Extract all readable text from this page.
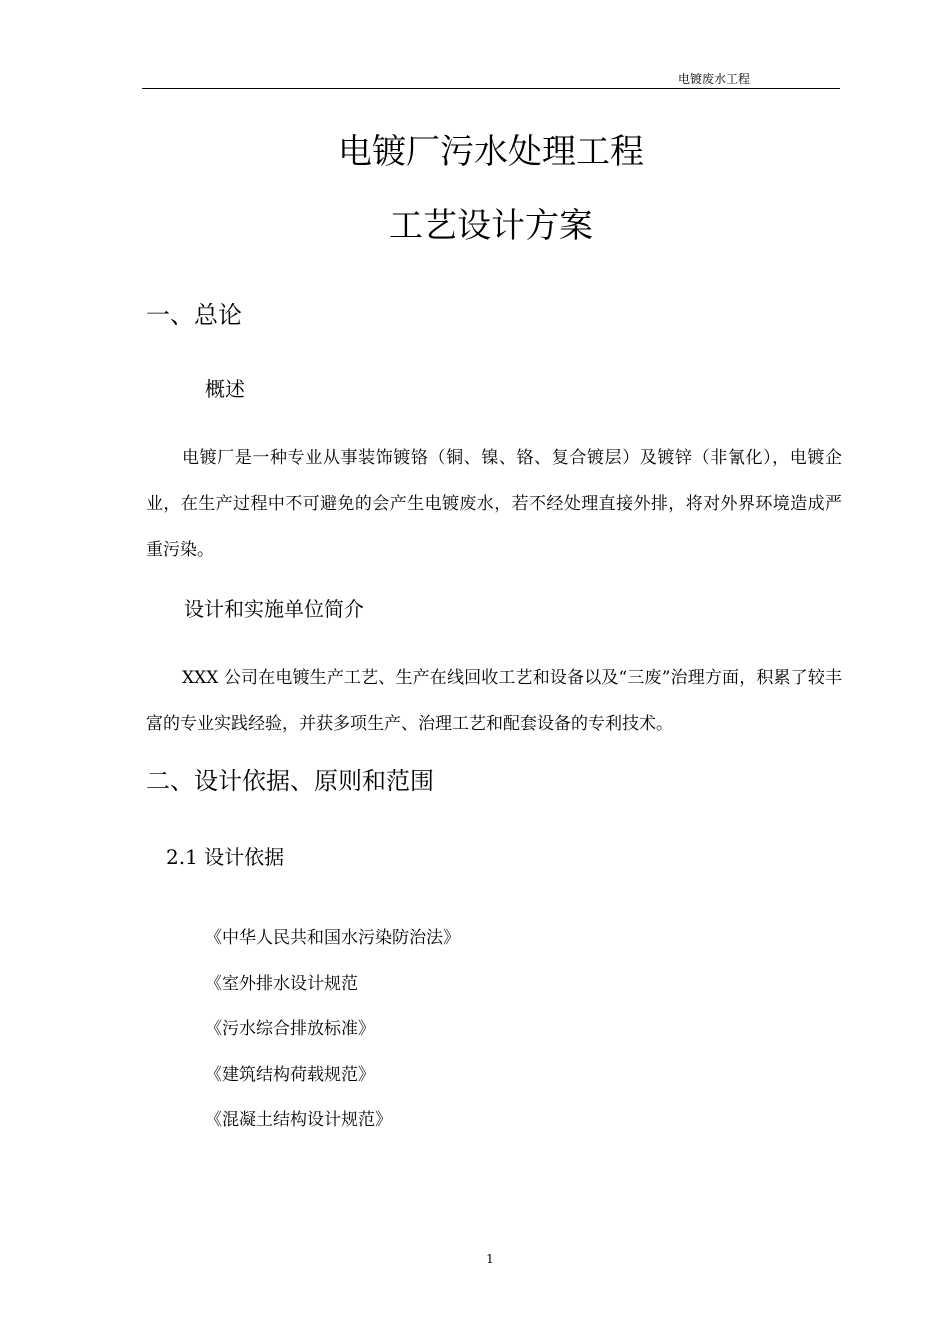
电镀废水工程
电镀厂污水处理工程
工艺设计方案
一、总论
概述
电镀厂是一种专业从事装饰镀铬（铜、镍、铬、复合镀层）及镀锌（非氰化），电镀企业，在生产过程中不可避免的会产生电镀废水，若不经处理直接外排，将对外界环境造成严重污染。
设计和实施单位简介
XXX 公司在电镀生产工艺、生产在线回收工艺和设备以及“三废”治理方面，积累了较丰富的专业实践经验，并获多项生产、治理工艺和配套设备的专利技术。
二、设计依据、原则和范围
2.1 设计依据
《中华人民共和国水污染防治法》
《室外排水设计规范
《污水综合排放标准》
《建筑结构荷载规范》
《混凝土结构设计规范》
1
